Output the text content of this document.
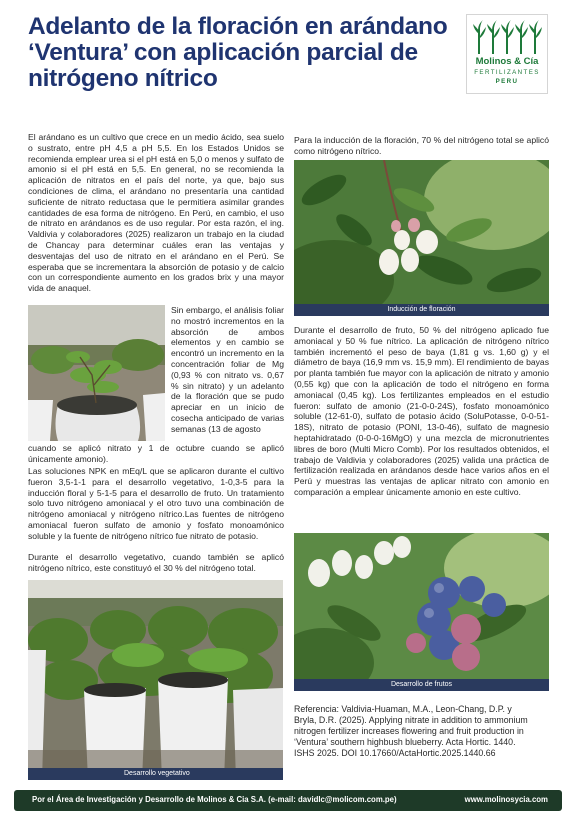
Adelanto de la floración en arándano ‘Ventura’ con aplicación parcial de nitrógeno nítrico
Molinos & Cía
FERTILIZANTES
PERU

El arándano es un cultivo que crece en un medio ácido, sea suelo o sustrato, entre pH 4,5 a pH 5,5. En los Estados Unidos se recomienda emplear urea si el pH está en 5,0 o menos y sulfato de amonio si el pH está en 5,5. En general, no se recomienda la aplicación de nitratos en el país del norte, ya que, bajo sus condiciones de clima, el arándano no presentaría una cantidad suficiente de nitrato reductasa que le permitiera asimilar grandes cantidades de esa forma de nitrógeno. En Perú, en cambio, el uso de nitrato en arándanos es de uso regular. Por esta razón, el ing. Valdivia y colaboradores (2025) realizaron un trabajo en la ciudad de Chancay para determinar cuáles eran las ventajas y desventajas del uso de nitrato en el arándano en el Perú. Se esperaba que se incrementara la absorción de potasio y de calcio con un correspondiente aumento en los grados brix y una mayor vida de anaquel.

Sin embargo, el análisis foliar no mostró incrementos en la absorción de ambos elementos y en cambio se encontró un incremento en la concentración foliar de Mg (0,93 % con nitrato vs. 0,67 % sin nitrato) y un adelanto de la floración que se pudo apreciar en un inicio de cosecha anticipado de varias semanas (13 de agosto

cuando se aplicó nitrato y 1 de octubre cuando se aplicó únicamente amonio).

Las soluciones NPK en mEq/L que se aplicaron durante el cultivo fueron 3,5-1-1 para el desarrollo vegetativo, 1-0,3-5 para la inducción floral y 5-1-5 para el desarrollo de fruto. Un tratamiento solo tuvo nitrógeno amoniacal y el otro tuvo una combinación de nitrógeno amoniacal y nitrógeno nítrico.Las fuentes de nitrógeno amoniacal fueron sulfato de amonio y fosfato monoamónico soluble y la fuente de nitrógeno nítrico fue nitrato de potasio.

Durante el desarrollo vegetativo, cuando también se aplicó nitrógeno nítrico, este constituyó el 30 % del nitrógeno total.

Desarrollo vegetativo

Para la inducción de la floración, 70 % del nitrógeno total se aplicó como nitrógeno nítrico.

Inducción de floración

Durante el desarrollo de fruto, 50 % del nitrógeno aplicado fue amoniacal y 50 % fue nítrico. La aplicación de nitrógeno nítrico también incrementó el peso de baya (1,81 g vs. 1,60 g) y el diámetro de baya (16,9 mm vs. 15,9 mm). El rendimiento de bayas por planta también fue mayor con la aplicación de nitrato y amonio (0,55 kg) que con la aplicación de todo el nitrógeno en forma amoniacal (0,45 kg). Los fertilizantes empleados en el estudio fueron: sulfato de amonio (21-0-0-24S), fosfato monoamónico soluble (12-61-0), sulfato de potasio ácido (SoluPotasse, 0-0-51-18S), nitrato de potasio (PONI, 13-0-46), sulfato de magnesio heptahidratado (0-0-0-16MgO) y una mezcla de micronutrientes libres de boro (Multi Micro Comb). Por los resultados obtenidos, el trabajo de Valdivia y colaboradores (2025) valida una práctica de fertilización realizada en arándanos desde hace varios años en el Perú y muestras las ventajas de aplicar nitrato con amonio en comparación a emplear únicamente amonio en este cultivo.

Desarrollo de frutos

Referencia: Valdivia-Huaman, M.A., Leon-Chang, D.P. y Bryla, D.R. (2025). Applying nitrate in addition to ammonium nitrogen fertilizer increases flowering and fruit production in ‘Ventura’ southern highbush blueberry. Acta Hortic. 1440. ISHS 2025. DOI 10.17660/ActaHortic.2025.1440.66

Por el Área de Investigación y Desarrollo de Molinos & Cia S.A. (e-mail: davidlc@molicom.com.pe)	www.molinosycia.com
